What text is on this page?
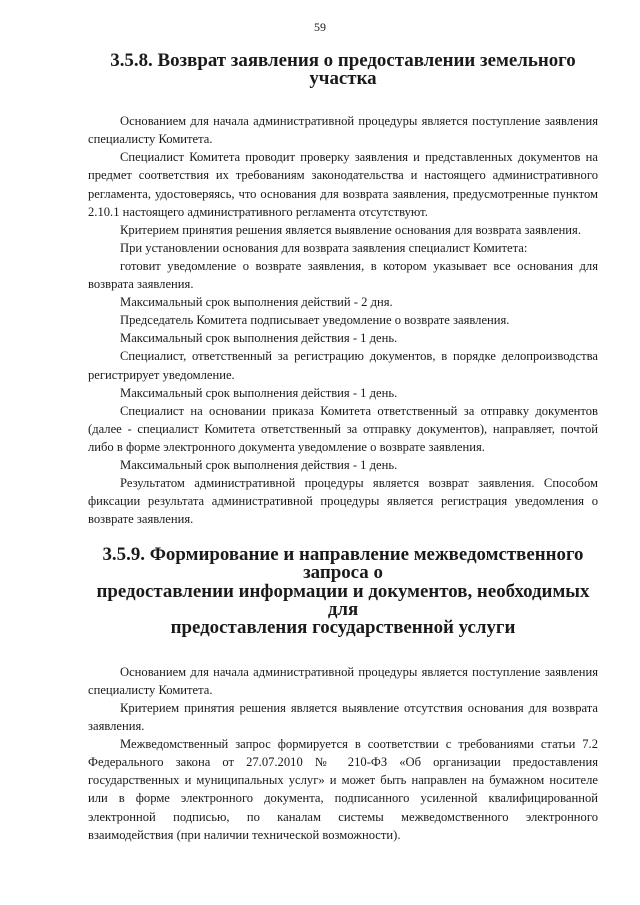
59
3.5.8. Возврат заявления о предоставлении земельного участка

Основанием для начала административной процедуры является поступление заявления специалисту Комитета.

Специалист Комитета проводит проверку заявления и представленных документов на предмет соответствия их требованиям законодательства и настоящего административного регламента, удостоверяясь, что основания для возврата заявления, предусмотренные пунктом 2.10.1 настоящего административного регламента отсутствуют.

Критерием принятия решения является выявление основания для возврата заявления.

При установлении основания для возврата заявления специалист Комитета:

готовит уведомление о возврате заявления, в котором указывает все основания для возврата заявления.

Максимальный срок выполнения действий - 2 дня.

Председатель Комитета подписывает уведомление о возврате заявления.

Максимальный срок выполнения действия - 1 день.

Специалист, ответственный за регистрацию документов, в порядке делопроизводства регистрирует уведомление.

Максимальный срок выполнения действия - 1 день.

Специалист на основании приказа Комитета ответственный за отправку документов (далее - специалист Комитета ответственный за отправку документов), направляет, почтой либо в форме электронного документа уведомление о возврате заявления.

Максимальный срок выполнения действия - 1 день.

Результатом административной процедуры является возврат заявления. Способом фиксации результата административной процедуры является регистрация уведомления о возврате заявления.

3.5.9. Формирование и направление межведомственного запроса о
предоставлении информации и документов, необходимых для
предоставления государственной услуги

Основанием для начала административной процедуры является поступление заявления специалисту Комитета.

Критерием принятия решения является выявление отсутствия основания для возврата заявления.

Межведомственный запрос формируется в соответствии с требованиями статьи 7.2 Федерального закона от 27.07.2010 № 210-ФЗ «Об организации предоставления государственных и муниципальных услуг» и может быть направлен на бумажном носителе или в форме электронного документа, подписанного усиленной квалифицированной электронной подписью, по каналам системы межведомственного электронного взаимодействия (при наличии технической возможности).
